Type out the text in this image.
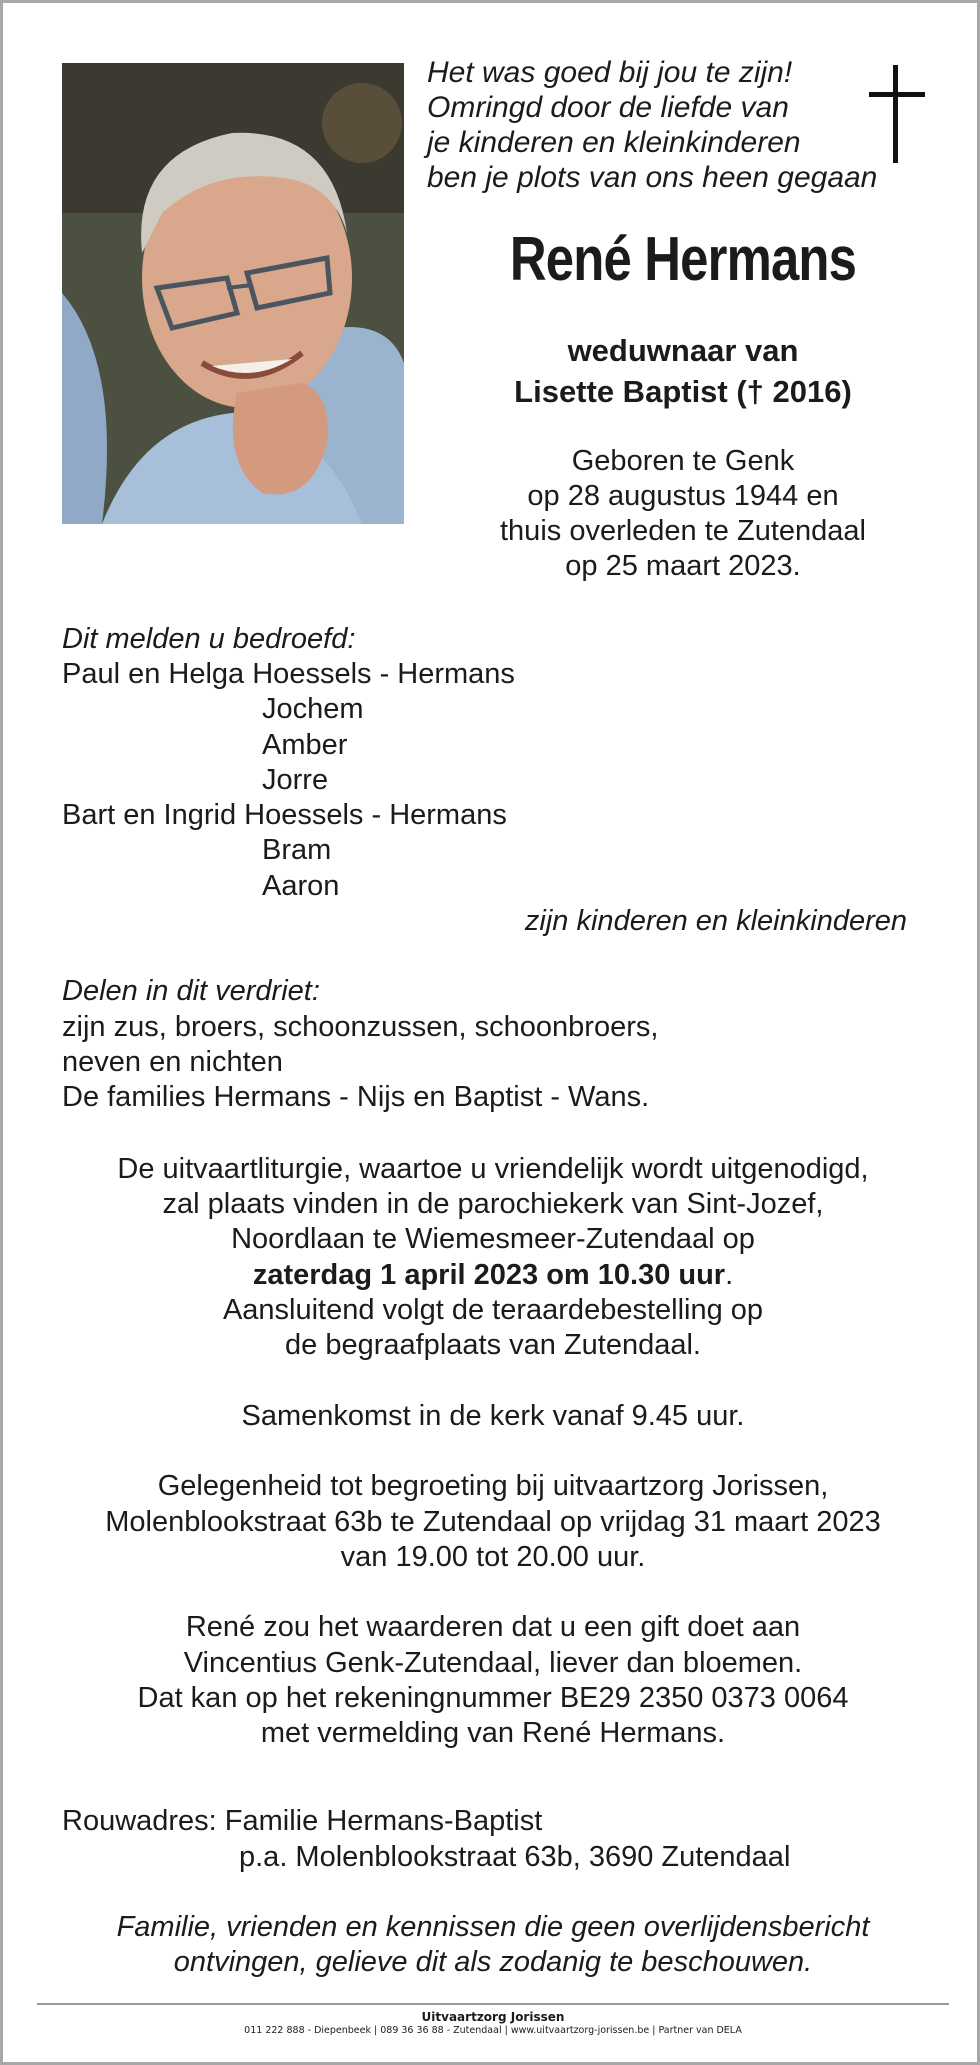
Het was goed bij jou te zijn!
Omringd door de liefde van
je kinderen en kleinkinderen
ben je plots van ons heen gegaan
René Hermans
weduwnaar van
Lisette Baptist († 2016)
Geboren te Genk
op 28 augustus 1944 en
thuis overleden te Zutendaal
op 25 maart 2023.
Dit melden u bedroefd:
Paul en Helga Hoessels - Hermans
Jochem
Amber
Jorre
Bart en Ingrid Hoessels - Hermans
Bram
Aaron
zijn kinderen en kleinkinderen
Delen in dit verdriet:
zijn zus, broers, schoonzussen, schoonbroers,
neven en nichten
De families Hermans - Nijs en Baptist - Wans.
De uitvaartliturgie, waartoe u vriendelijk wordt uitgenodigd,
zal plaats vinden in de parochiekerk van Sint-Jozef,
Noordlaan te Wiemesmeer-Zutendaal op
zaterdag 1 april 2023 om 10.30 uur.
Aansluitend volgt de teraardebestelling op
de begraafplaats van Zutendaal.
Samenkomst in de kerk vanaf 9.45 uur.
Gelegenheid tot begroeting bij uitvaartzorg Jorissen,
Molenblookstraat 63b te Zutendaal op vrijdag 31 maart 2023
van 19.00 tot 20.00 uur.
René zou het waarderen dat u een gift doet aan
Vincentius Genk-Zutendaal, liever dan bloemen.
Dat kan op het rekeningnummer BE29 2350 0373 0064
met vermelding van René Hermans.
Rouwadres: Familie Hermans-Baptist
p.a. Molenblookstraat 63b, 3690 Zutendaal
Familie, vrienden en kennissen die geen overlijdensbericht
ontvingen, gelieve dit als zodanig te beschouwen.
Uitvaartzorg Jorissen
011 222 888 - Diepenbeek | 089 36 36 88 - Zutendaal | www.uitvaartzorg-jorissen.be | Partner van DELA
